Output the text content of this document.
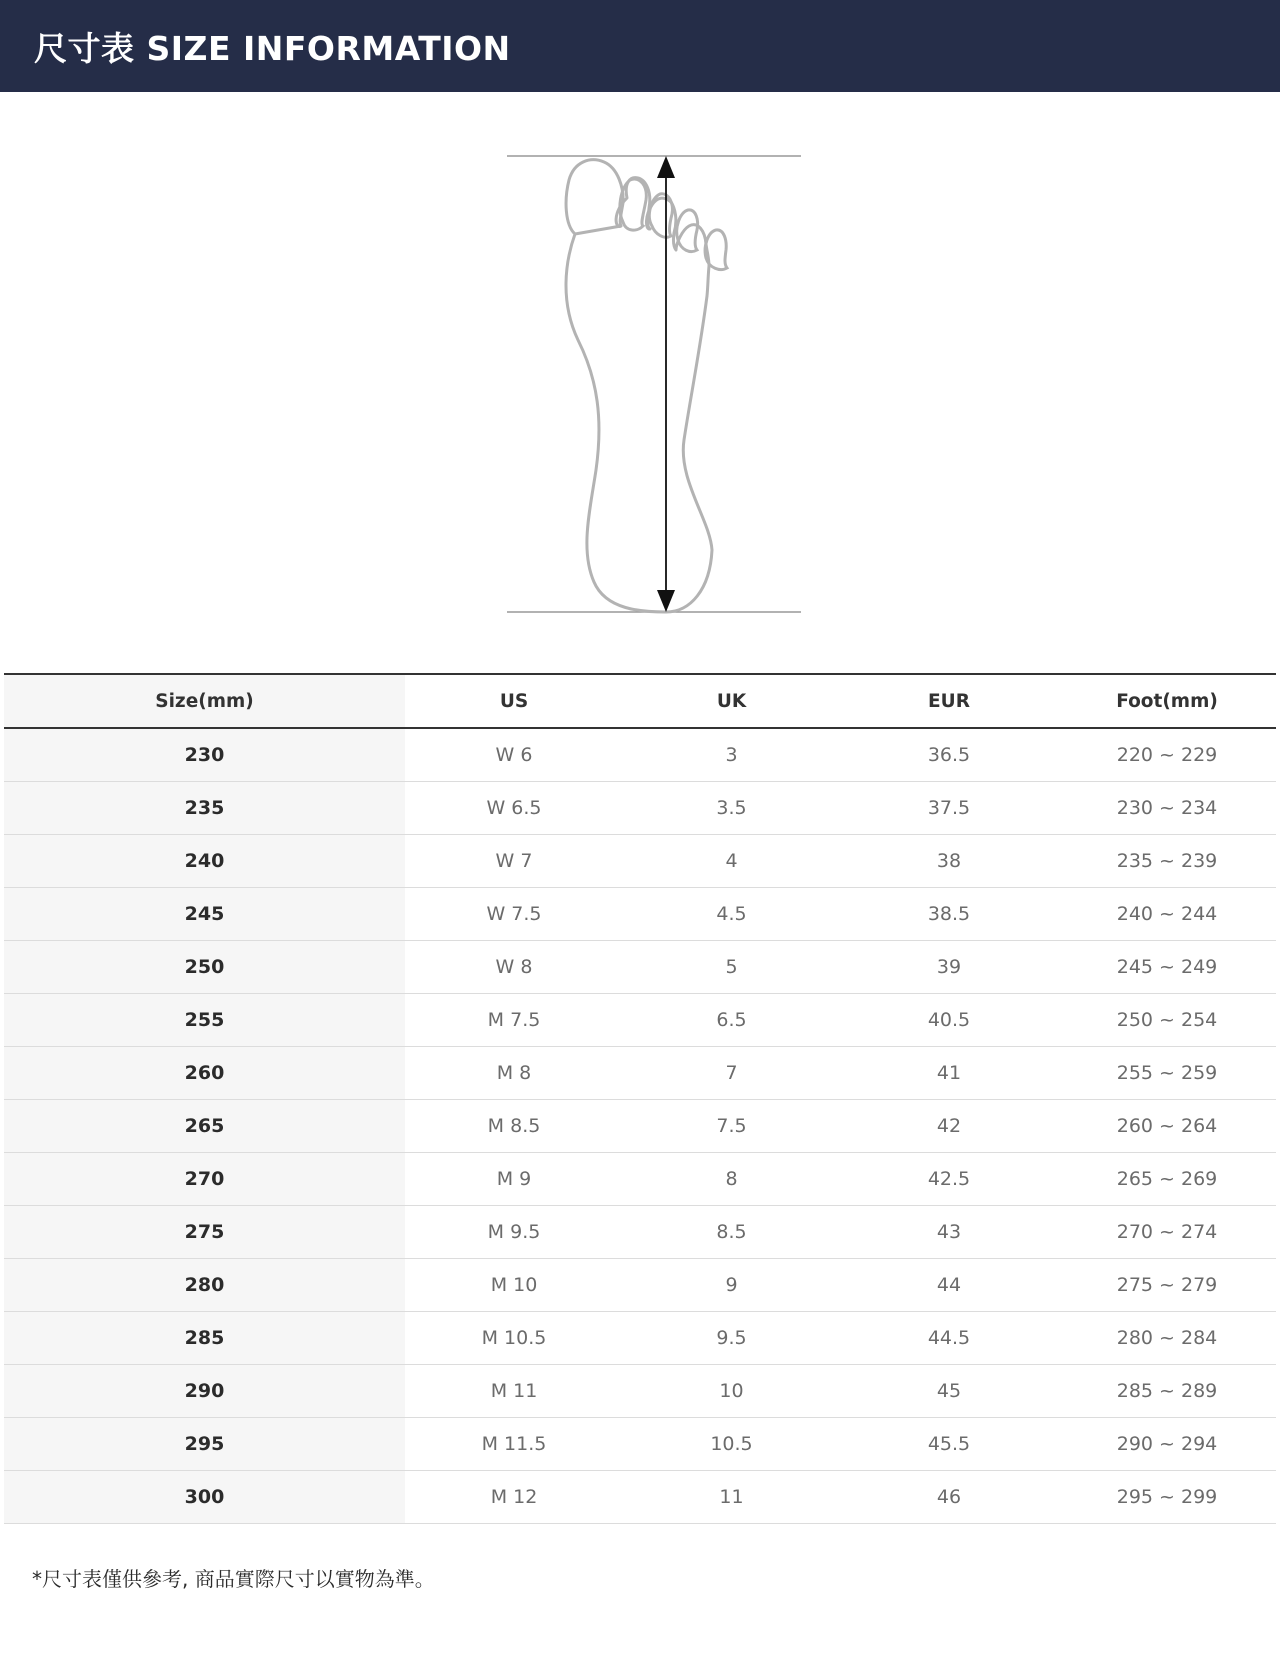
尺寸表 SIZE INFORMATION
Size(mm)	US	UK	EUR	Foot(mm)
230	W 6	3	36.5	220 ~ 229
235	W 6.5	3.5	37.5	230 ~ 234
240	W 7	4	38	235 ~ 239
245	W 7.5	4.5	38.5	240 ~ 244
250	W 8	5	39	245 ~ 249
255	M 7.5	6.5	40.5	250 ~ 254
260	M 8	7	41	255 ~ 259
265	M 8.5	7.5	42	260 ~ 264
270	M 9	8	42.5	265 ~ 269
275	M 9.5	8.5	43	270 ~ 274
280	M 10	9	44	275 ~ 279
285	M 10.5	9.5	44.5	280 ~ 284
290	M 11	10	45	285 ~ 289
295	M 11.5	10.5	45.5	290 ~ 294
300	M 12	11	46	295 ~ 299
*尺寸表僅供參考, 商品實際尺寸以實物為準。
